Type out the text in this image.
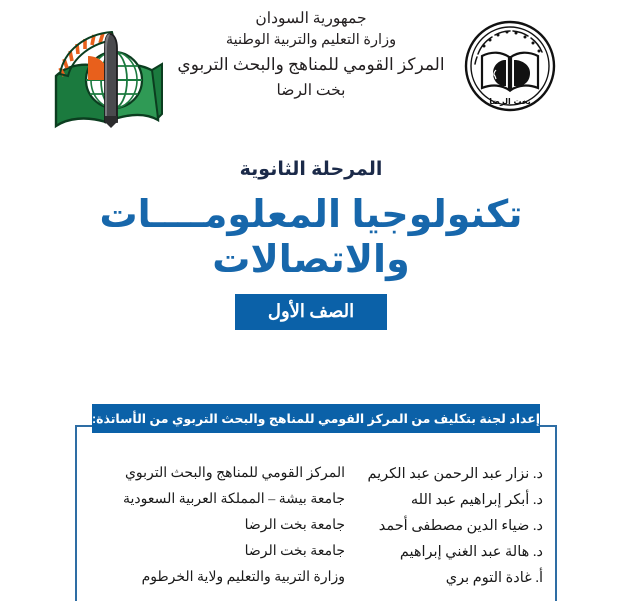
جمهورية السودان
وزارة التعليم والتربية الوطنية
المركز القومي للمناهج والبحث التربوي
بخت الرضا
بخت الرضا
المرحلة الثانوية
تكنولوجيا المعلومــــات
والاتصالات
الصف الأول
إعداد لجنة بتكليف من المركز القومي للمناهج والبحث التربوي من الأساتذة:
د. نزار عبد الرحمن عبد الكريم
المركز القومي للمناهج والبحث التربوي
د. أبكر إبراهيم عبد الله
جامعة بيشة – المملكة العربية السعودية
د. ضياء الدين مصطفى أحمد
جامعة بخت الرضا
د. هالة عبد الغني إبراهيم
جامعة بخت الرضا
أ. غادة التوم بري
وزارة التربية والتعليم ولاية الخرطوم
